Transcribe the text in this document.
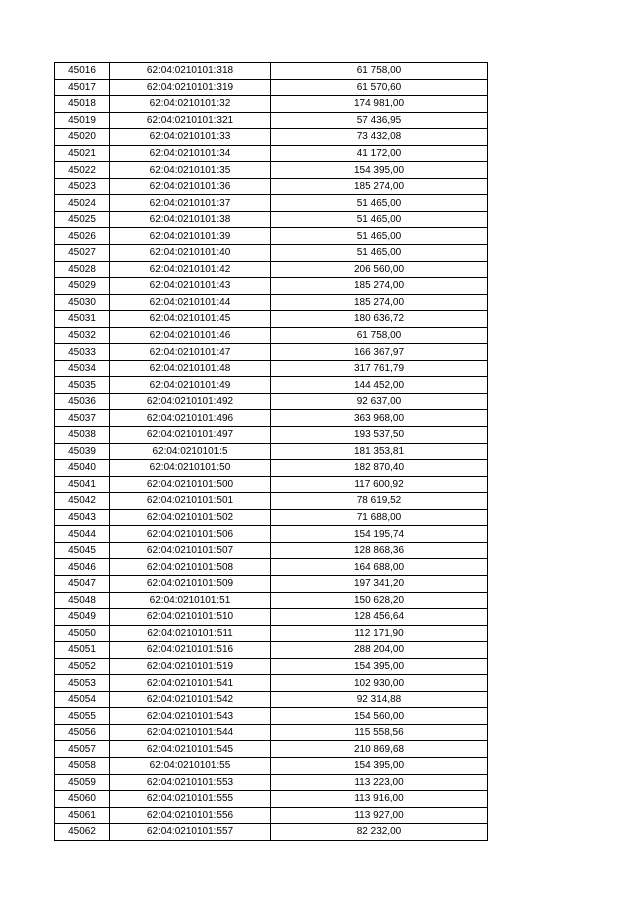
45016	62:04:0210101:318	61 758,00
45017	62:04:0210101:319	61 570,60
45018	62:04:0210101:32	174 981,00
45019	62:04:0210101:321	57 436,95
45020	62:04:0210101:33	73 432,08
45021	62:04:0210101:34	41 172,00
45022	62:04:0210101:35	154 395,00
45023	62:04:0210101:36	185 274,00
45024	62:04:0210101:37	51 465,00
45025	62:04:0210101:38	51 465,00
45026	62:04:0210101:39	51 465,00
45027	62:04:0210101:40	51 465,00
45028	62:04:0210101:42	206 560,00
45029	62:04:0210101:43	185 274,00
45030	62:04:0210101:44	185 274,00
45031	62:04:0210101:45	180 636,72
45032	62:04:0210101:46	61 758,00
45033	62:04:0210101:47	166 367,97
45034	62:04:0210101:48	317 761,79
45035	62:04:0210101:49	144 452,00
45036	62:04:0210101:492	92 637,00
45037	62:04:0210101:496	363 968,00
45038	62:04:0210101:497	193 537,50
45039	62:04:0210101:5	181 353,81
45040	62:04:0210101:50	182 870,40
45041	62:04:0210101:500	117 600,92
45042	62:04:0210101:501	78 619,52
45043	62:04:0210101:502	71 688,00
45044	62:04:0210101:506	154 195,74
45045	62:04:0210101:507	128 868,36
45046	62:04:0210101:508	164 688,00
45047	62:04:0210101:509	197 341,20
45048	62:04:0210101:51	150 628,20
45049	62:04:0210101:510	128 456,64
45050	62:04:0210101:511	112 171,90
45051	62:04:0210101:516	288 204,00
45052	62:04:0210101:519	154 395,00
45053	62:04:0210101:541	102 930,00
45054	62:04:0210101:542	92 314,88
45055	62:04:0210101:543	154 560,00
45056	62:04:0210101:544	115 558,56
45057	62:04:0210101:545	210 869,68
45058	62:04:0210101:55	154 395,00
45059	62:04:0210101:553	113 223,00
45060	62:04:0210101:555	113 916,00
45061	62:04:0210101:556	113 927,00
45062	62:04:0210101:557	82 232,00
